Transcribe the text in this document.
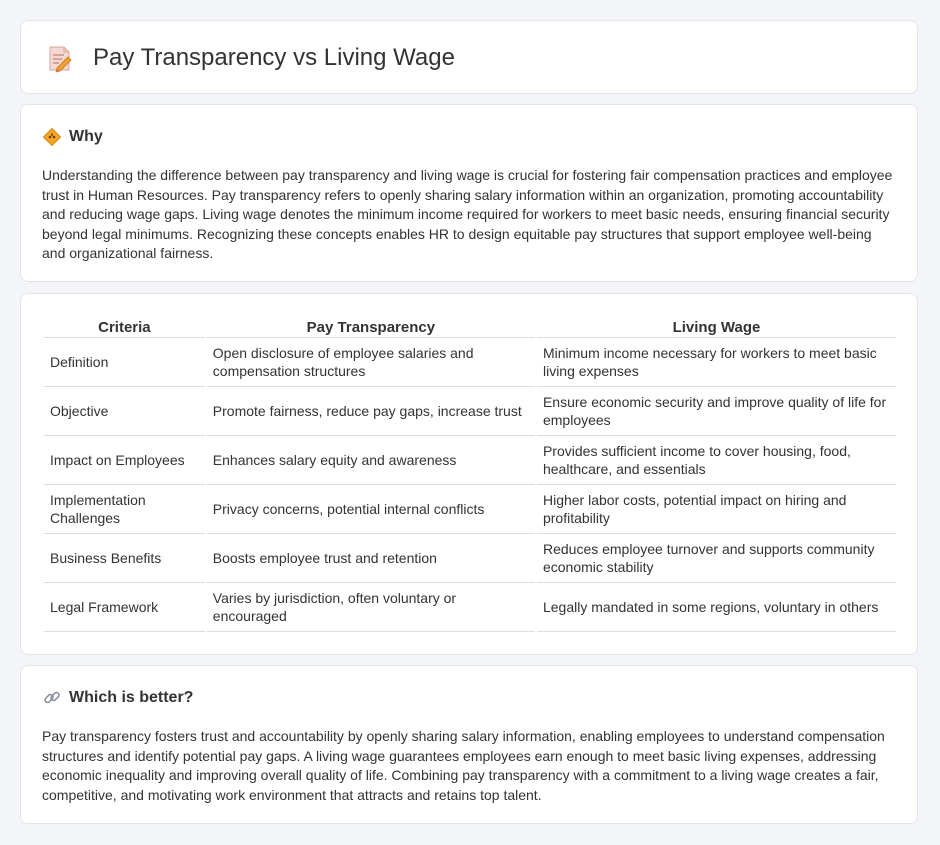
Pay Transparency vs Living Wage
Why

Understanding the difference between pay transparency and living wage is crucial for fostering fair compensation practices and employee trust in Human Resources. Pay transparency refers to openly sharing salary information within an organization, promoting accountability and reducing wage gaps. Living wage denotes the minimum income required for workers to meet basic needs, ensuring financial security beyond legal minimums. Recognizing these concepts enables HR to design equitable pay structures that support employee well-being and organizational fairness.

Criteria	Pay Transparency	Living Wage
Definition	Open disclosure of employee salaries and compensation structures	Minimum income necessary for workers to meet basic living expenses
Objective	Promote fairness, reduce pay gaps, increase trust	Ensure economic security and improve quality of life for employees
Impact on Employees	Enhances salary equity and awareness	Provides sufficient income to cover housing, food, healthcare, and essentials
Implementation Challenges	Privacy concerns, potential internal conflicts	Higher labor costs, potential impact on hiring and profitability
Business Benefits	Boosts employee trust and retention	Reduces employee turnover and supports community economic stability
Legal Framework	Varies by jurisdiction, often voluntary or encouraged	Legally mandated in some regions, voluntary in others
Which is better?

Pay transparency fosters trust and accountability by openly sharing salary information, enabling employees to understand compensation structures and identify potential pay gaps. A living wage guarantees employees earn enough to meet basic living expenses, addressing economic inequality and improving overall quality of life. Combining pay transparency with a commitment to a living wage creates a fair, competitive, and motivating work environment that attracts and retains top talent.
